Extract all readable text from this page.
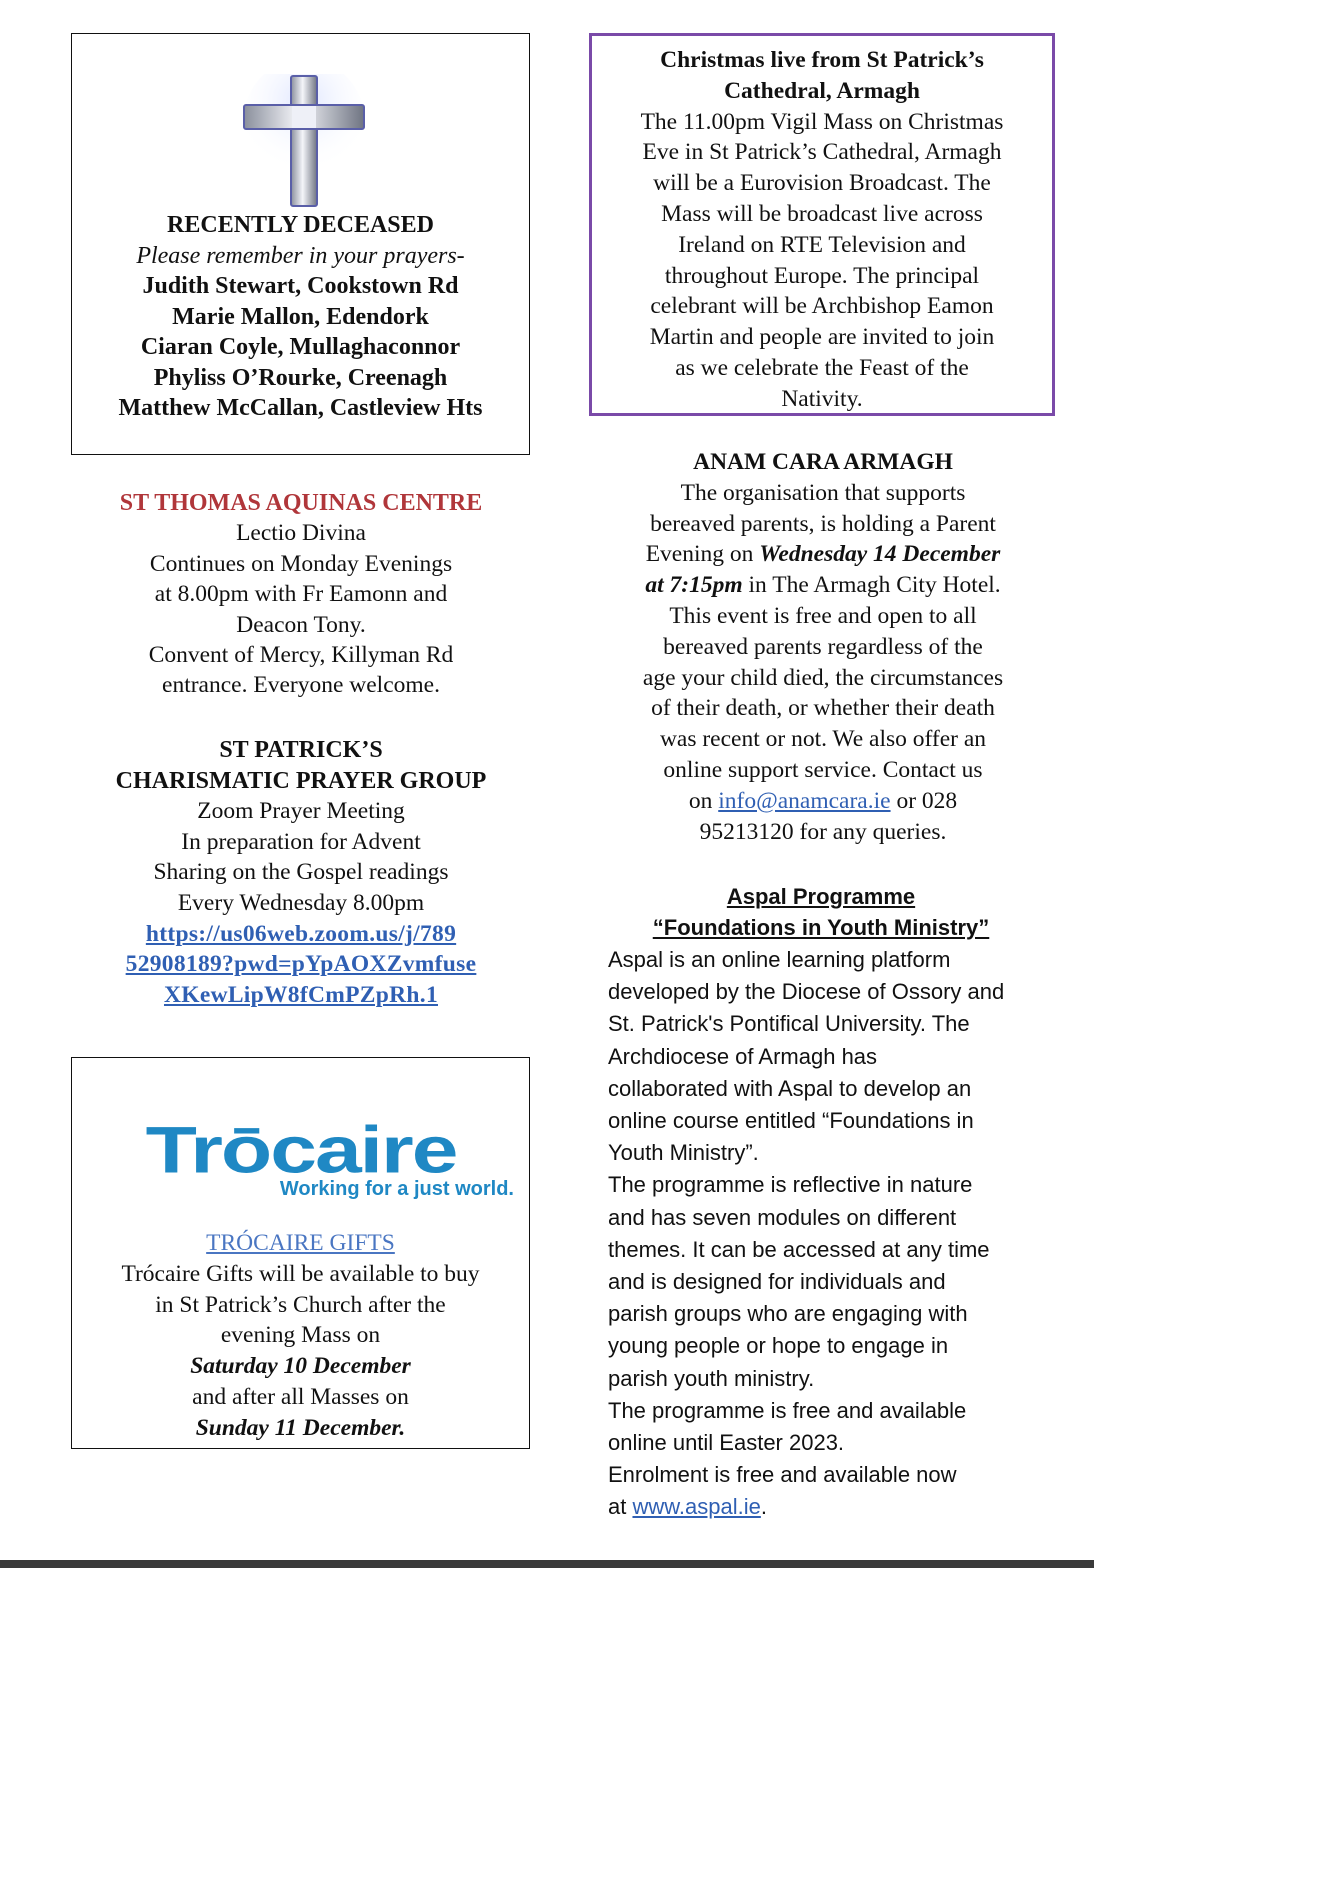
RECENTLY DECEASED
Please remember in your prayers-
Judith Stewart, Cookstown Rd
Marie Mallon, Edendork
Ciaran Coyle, Mullaghaconnor
Phyliss O’Rourke, Creenagh
Matthew McCallan, Castleview Hts
Christmas live from St Patrick’s
Cathedral, Armagh
The 11.00pm Vigil Mass on Christmas
Eve in St Patrick’s Cathedral, Armagh
will be a Eurovision Broadcast. The
Mass will be broadcast live across
Ireland on RTE Television and
throughout Europe. The principal
celebrant will be Archbishop Eamon
Martin and people are invited to join
as we celebrate the Feast of the
Nativity.
ST THOMAS AQUINAS CENTRE
Lectio Divina
Continues on Monday Evenings
at 8.00pm with Fr Eamonn and
Deacon Tony.
Convent of Mercy, Killyman Rd
entrance. Everyone welcome.
ST PATRICK’S
CHARISMATIC PRAYER GROUP
Zoom Prayer Meeting
In preparation for Advent
Sharing on the Gospel readings
Every Wednesday 8.00pm
https://us06web.zoom.us/j/789
52908189?pwd=pYpAOXZvmfuse
XKewLipW8fCmPZpRh.1
Trōcaire
Working for a just world.
TRÓCAIRE GIFTS
Trócaire Gifts will be available to buy
in St Patrick’s Church after the
evening Mass on
Saturday 10 December
and after all Masses on
Sunday 11 December.
ANAM CARA ARMAGH
The organisation that supports
bereaved parents, is holding a Parent
Evening on Wednesday 14 December
at 7:15pm in The Armagh City Hotel.
This event is free and open to all
bereaved parents regardless of the
age your child died, the circumstances
of their death, or whether their death
was recent or not. We also offer an
online support service. Contact us
on info@anamcara.ie or 028
95213120 for any queries.
Aspal Programme
“Foundations in Youth Ministry”
Aspal is an online learning platform
developed by the Diocese of Ossory and
St. Patrick's Pontifical University. The
Archdiocese of Armagh has
collaborated with Aspal to develop an
online course entitled “Foundations in
Youth Ministry”.
The programme is reflective in nature
and has seven modules on different
themes. It can be accessed at any time
and is designed for individuals and
parish groups who are engaging with
young people or hope to engage in
parish youth ministry.
The programme is free and available
online until Easter 2023.
Enrolment is free and available now
at www.aspal.ie.
